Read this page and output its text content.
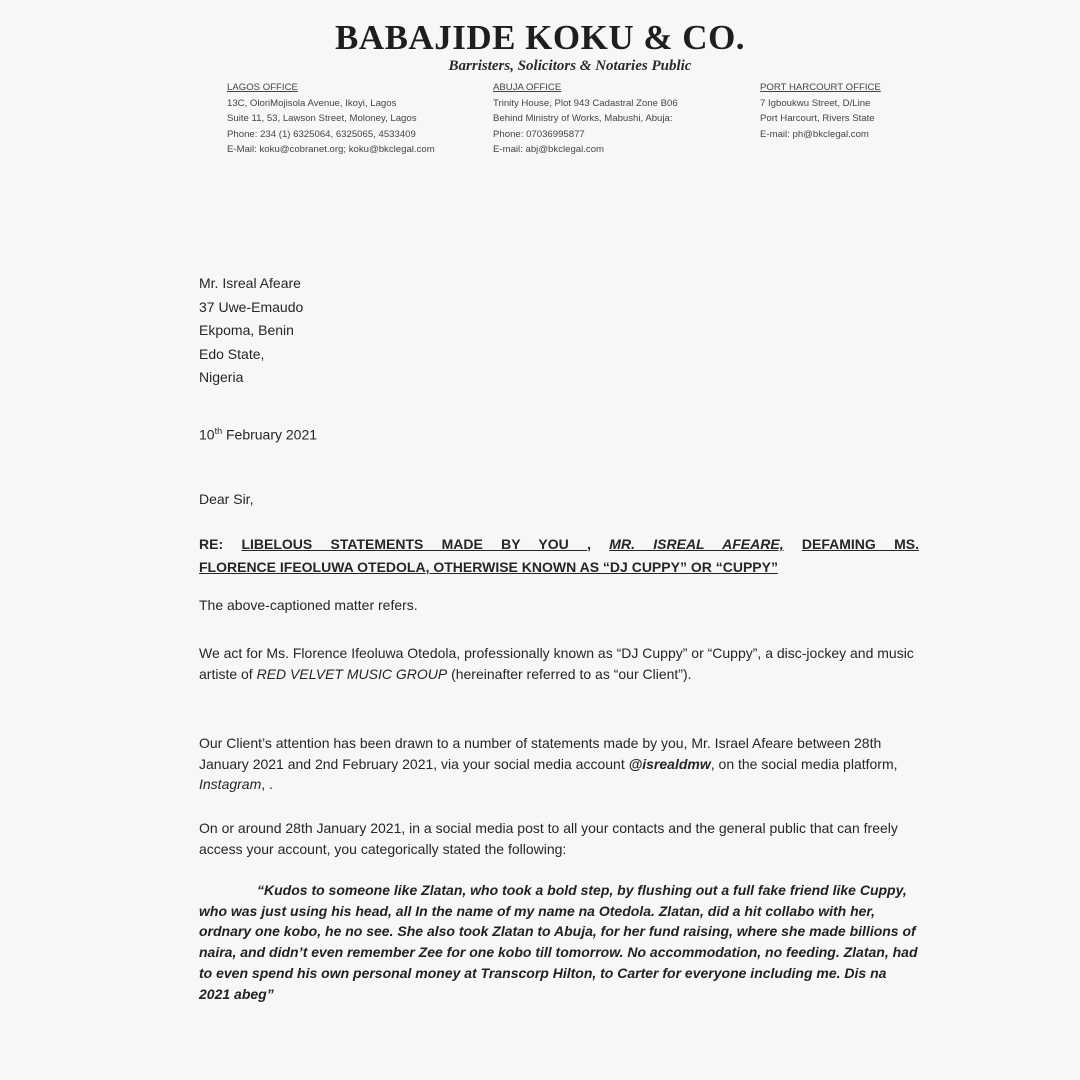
BABAJIDE KOKU & CO.
Barristers, Solicitors & Notaries Public
LAGOS OFFICE
13C, OloriMojisola Avenue, Ikoyi, Lagos
Suite 11, 53, Lawson Street, Moloney, Lagos
Phone: 234 (1) 6325064, 6325065, 4533409
E-Mail: koku@cobranet.org; koku@bkclegal.com
ABUJA OFFICE
Trinity House, Plot 943 Cadastral Zone B06
Behind Ministry of Works, Mabushi, Abuja:
Phone: 07036995877
E-mail: abj@bkclegal.com
PORT HARCOURT OFFICE
7 Igboukwu Street, D/Line
Port Harcourt, Rivers State
E-mail: ph@bkclegal.com
Mr. Isreal Afeare
37 Uwe-Emaudo
Ekpoma, Benin
Edo State,
Nigeria
10th February 2021
Dear Sir,
RE: LIBELOUS STATEMENTS MADE BY YOU , MR. ISREAL AFEARE, DEFAMING MS.
FLORENCE IFEOLUWA OTEDOLA, OTHERWISE KNOWN AS “DJ CUPPY” OR “CUPPY”
The above-captioned matter refers.
We act for Ms. Florence Ifeoluwa Otedola, professionally known as “DJ Cuppy” or “Cuppy”, a disc-jockey and music artiste of RED VELVET MUSIC GROUP (hereinafter referred to as “our Client”).
Our Client’s attention has been drawn to a number of statements made by you, Mr. Israel Afeare between 28th January 2021 and 2nd February 2021, via your social media account @isrealdmw, on the social media platform, Instagram, .
On or around 28th January 2021, in a social media post to all your contacts and the general public that can freely access your account, you categorically stated the following:
“Kudos to someone like Zlatan, who took a bold step, by flushing out a full fake friend like Cuppy, who was just using his head, all In the name of my name na Otedola. Zlatan, did a hit collabo with her, ordnary one kobo, he no see. She also took Zlatan to Abuja, for her fund raising, where she made billions of naira, and didn’t even remember Zee for one kobo till tomorrow. No accommodation, no feeding. Zlatan, had to even spend his own personal money at Transcorp Hilton, to Carter for everyone including me. Dis na 2021 abeg”
